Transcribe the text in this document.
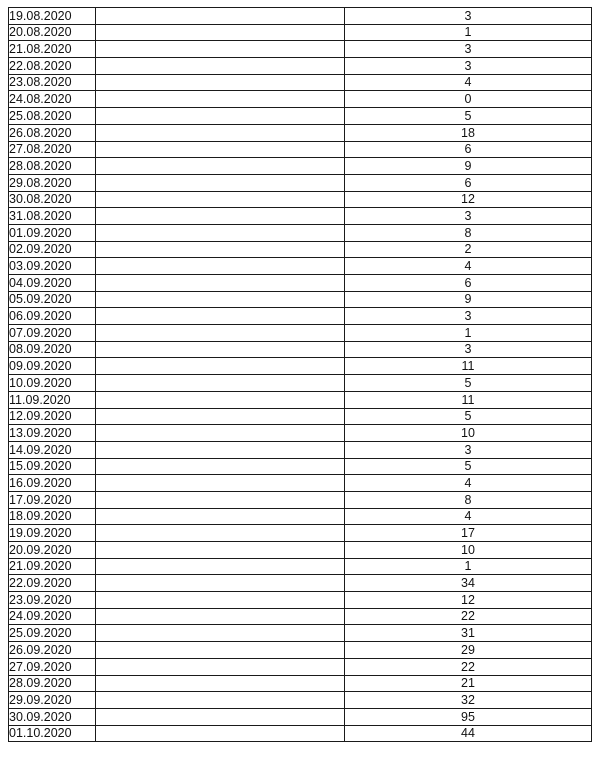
19.08.2020		3
20.08.2020		1
21.08.2020		3
22.08.2020		3
23.08.2020		4
24.08.2020		0
25.08.2020		5
26.08.2020		18
27.08.2020		6
28.08.2020		9
29.08.2020		6
30.08.2020		12
31.08.2020		3
01.09.2020		8
02.09.2020		2
03.09.2020		4
04.09.2020		6
05.09.2020		9
06.09.2020		3
07.09.2020		1
08.09.2020		3
09.09.2020		11
10.09.2020		5
11.09.2020		11
12.09.2020		5
13.09.2020		10
14.09.2020		3
15.09.2020		5
16.09.2020		4
17.09.2020		8
18.09.2020		4
19.09.2020		17
20.09.2020		10
21.09.2020		1
22.09.2020		34
23.09.2020		12
24.09.2020		22
25.09.2020		31
26.09.2020		29
27.09.2020		22
28.09.2020		21
29.09.2020		32
30.09.2020		95
01.10.2020		44
